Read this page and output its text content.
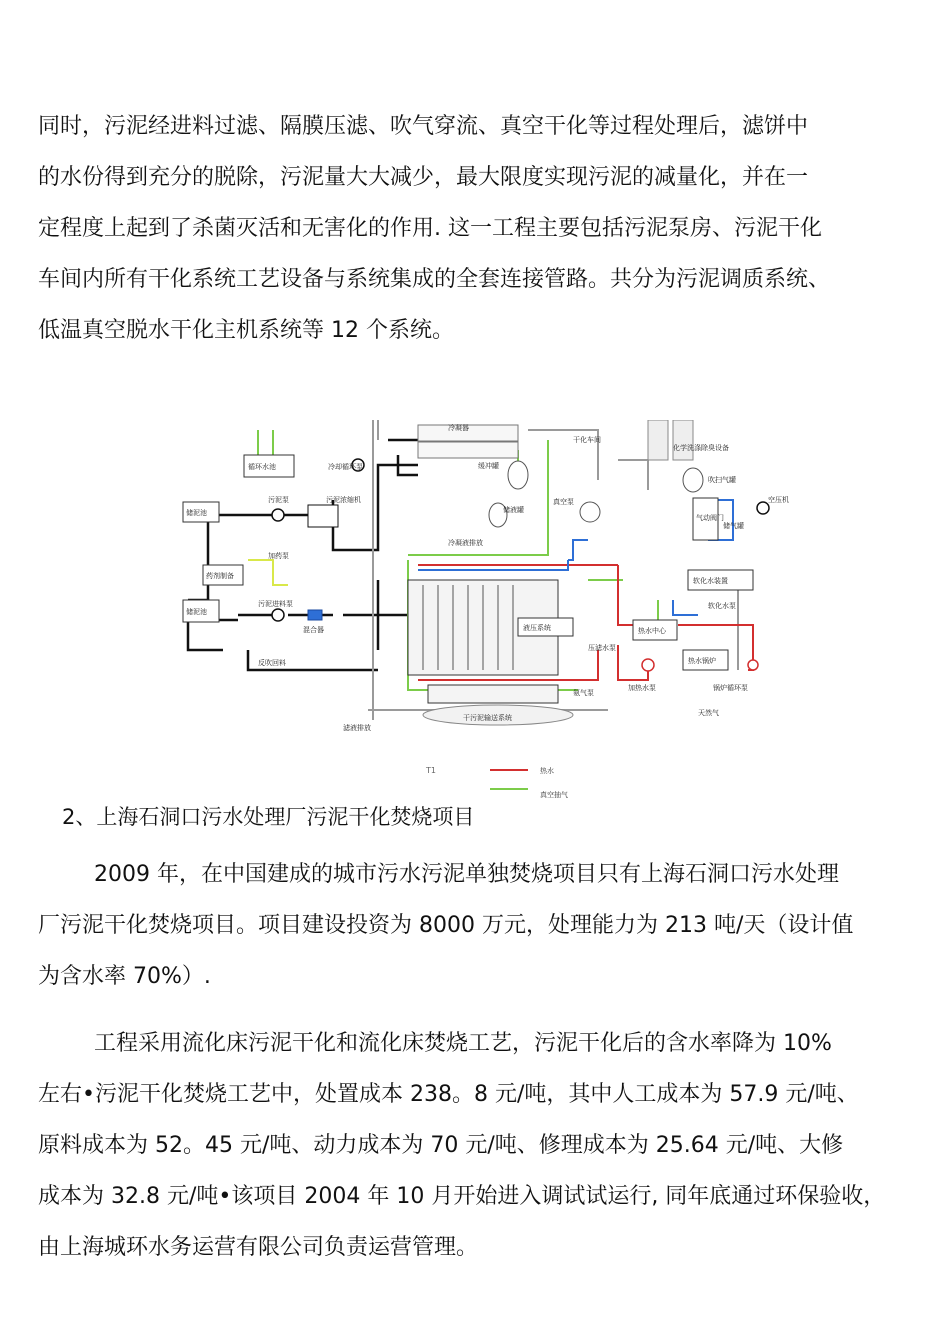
同时，污泥经进料过滤、隔膜压滤、吹气穿流、真空干化等过程处理后，滤饼中
的水份得到充分的脱除，污泥量大大减少，最大限度实现污泥的减量化，并在一
定程度上起到了杀菌灭活和无害化的作用. 这一工程主要包括污泥泵房、污泥干化
车间内所有干化系统工艺设备与系统集成的全套连接管路。共分为污泥调质系统、
低温真空脱水干化主机系统等 12 个系统。
冷凝器
干化车间
化学洗涤除臭设备
循环水池	冷却循环泵	缓冲罐
储液罐
真空泵
吹扫气罐
空压机
储气罐
储泥池
污泥泵	污泥浓缩机
气动阀门
加药泵
药剂制备
冷凝液排放
软化水装置
储泥池
污泥进料泵
混合器
软化水泵
液压系统	热水中心
压滤水泵
反吹回料	热水锅炉
加热水泵	锅炉循环泵
氨气泵
天然气
滤液排放
干污泥输送系统
T1	热水
真空抽气
2、上海石洞口污水处理厂污泥干化焚烧项目
2009 年，在中国建成的城市污水污泥单独焚烧项目只有上海石洞口污水处理
厂污泥干化焚烧项目。项目建设投资为 8000 万元，处理能力为 213 吨/天（设计值
为含水率 70%）.
工程采用流化床污泥干化和流化床焚烧工艺，污泥干化后的含水率降为 10%
左右•污泥干化焚烧工艺中，处置成本 238。8 元/吨，其中人工成本为 57.9 元/吨、
原料成本为 52。45 元/吨、动力成本为 70 元/吨、修理成本为 25.64 元/吨、大修
成本为 32.8 元/吨•该项目 2004 年 10 月开始进入调试试运行, 同年底通过环保验收，
由上海城环水务运营有限公司负责运营管理。
